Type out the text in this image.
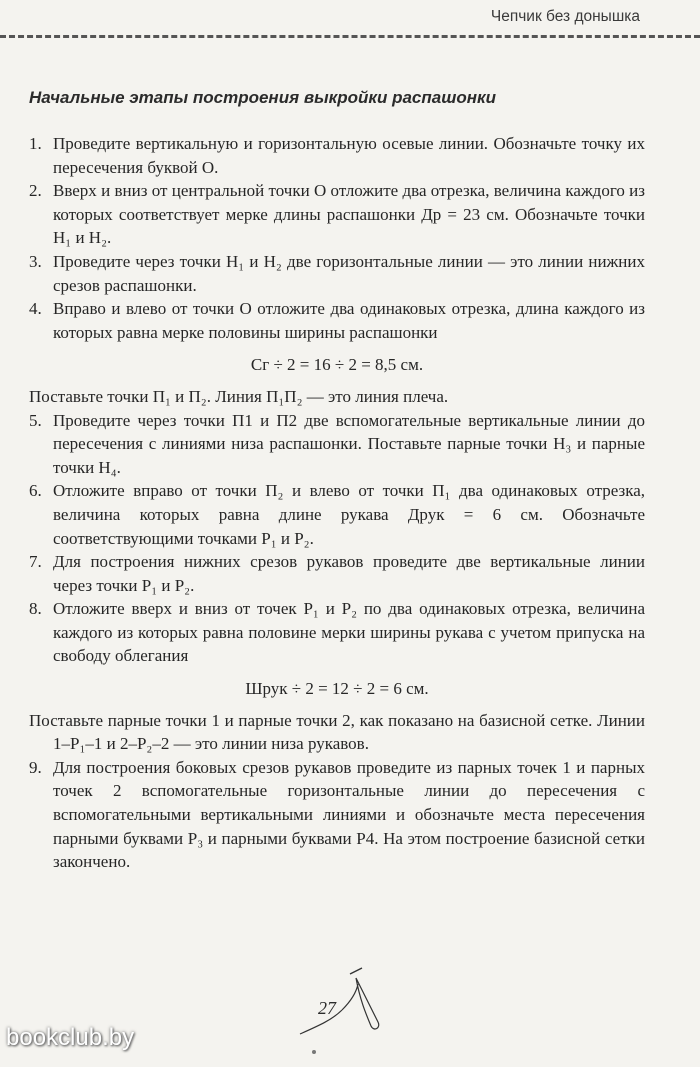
Чепчик без донышка
Начальные этапы построения выкройки распашонки
1. Проведите вертикальную и горизонтальную осевые линии. Обозначьте точку их пересечения буквой О.
2. Вверх и вниз от центральной точки О отложите два отрезка, величина каждого из которых соответствует мерке длины распашонки Др = 23 см. Обозначьте точки Н₁ и Н₂.
3. Проведите через точки Н₁ и Н₂ две горизонтальные линии — это линии нижних срезов распашонки.
4. Вправо и влево от точки О отложите два одинаковых отрезка, длина каждого из которых равна мерке половины ширины распашонки
Сг ÷ 2 = 16 ÷ 2 = 8,5 см.
Поставьте точки П₁ и П₂. Линия П₁П₂ — это линия плеча.
5. Проведите через точки П1 и П2 две вспомогательные вертикальные линии до пересечения с линиями низа распашонки. Поставьте парные точки Н₃ и парные точки Н₄.
6. Отложите вправо от точки П₂ и влево от точки П₁ два одинаковых отрезка, величина которых равна длине рукава Друк = 6 см. Обозначьте соответствующими точками Р₁ и Р₂.
7. Для построения нижних срезов рукавов проведите две вертикальные линии через точки Р₁ и Р₂.
8. Отложите вверх и вниз от точек Р₁ и Р₂ по два одинаковых отрезка, величина каждого из которых равна половине мерки ширины рукава с учетом припуска на свободу облегания
Шрук ÷ 2 = 12 ÷ 2 = 6 см.
Поставьте парные точки 1 и парные точки 2, как показано на базисной сетке. Линии 1–Р₁–1 и 2–Р₂–2 — это линии низа рукавов.
9. Для построения боковых срезов рукавов проведите из парных точек 1 и парных точек 2 вспомогательные горизонтальные линии до пересечения с вспомогательными вертикальными линиями и обозначьте места пересечения парными буквами Р₃ и парными буквами Р4. На этом построение базисной сетки закончено.
27
bookclub.by
